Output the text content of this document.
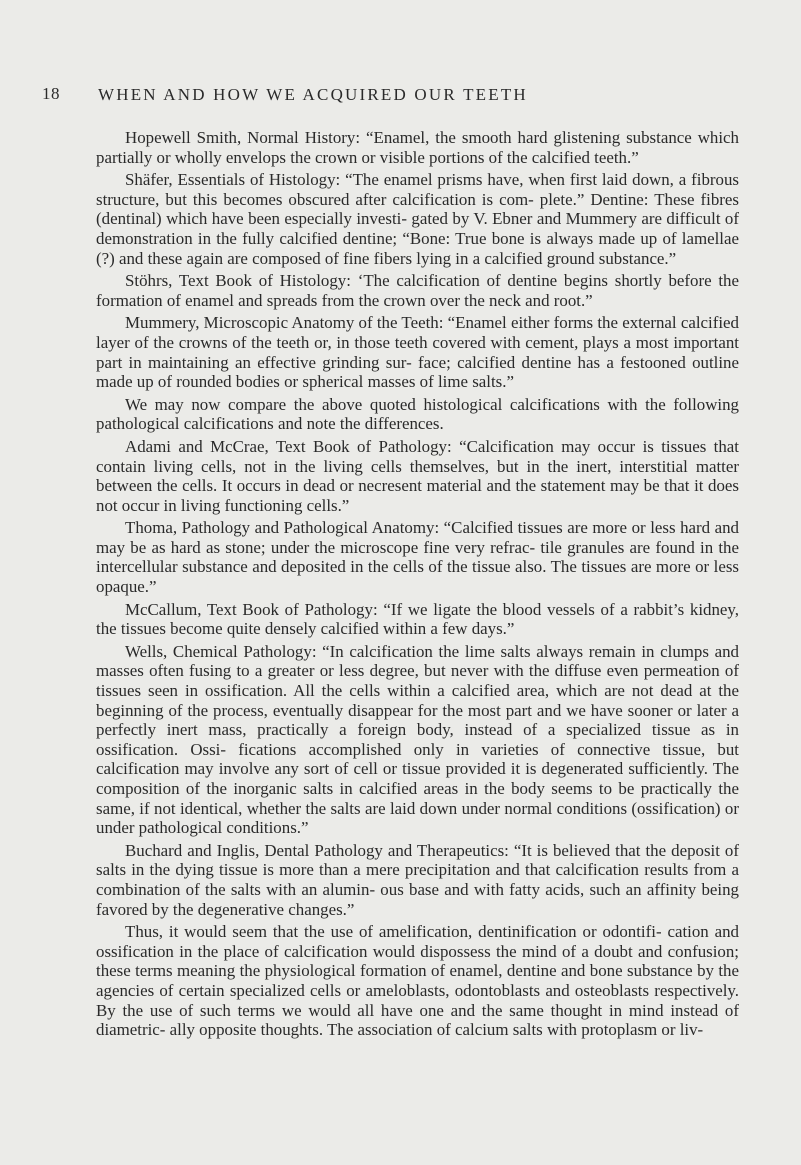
18 WHEN AND HOW WE ACQUIRED OUR TEETH

Hopewell Smith, Normal History: “Enamel, the smooth hard glistening substance which partially or wholly envelops the crown or visible portions of the calcified teeth.”

Shäfer, Essentials of Histology: “The enamel prisms have, when first laid down, a fibrous structure, but this becomes obscured after calcification is com- plete.” Dentine: These fibres (dentinal) which have been especially investi- gated by V. Ebner and Mummery are difficult of demonstration in the fully calcified dentine; “Bone: True bone is always made up of lamellae (?) and these again are composed of fine fibers lying in a calcified ground substance.”

Stöhrs, Text Book of Histology: ‘The calcification of dentine begins shortly before the formation of enamel and spreads from the crown over the neck and root.”

Mummery, Microscopic Anatomy of the Teeth: “Enamel either forms the external calcified layer of the crowns of the teeth or, in those teeth covered with cement, plays a most important part in maintaining an effective grinding sur- face; calcified dentine has a festooned outline made up of rounded bodies or spherical masses of lime salts.”

We may now compare the above quoted histological calcifications with the following pathological calcifications and note the differences.

Adami and McCrae, Text Book of Pathology: “Calcification may occur is tissues that contain living cells, not in the living cells themselves, but in the inert, interstitial matter between the cells. It occurs in dead or necresent material and the statement may be that it does not occur in living functioning cells.”

Thoma, Pathology and Pathological Anatomy: “Calcified tissues are more or less hard and may be as hard as stone; under the microscope fine very refrac- tile granules are found in the intercellular substance and deposited in the cells of the tissue also. The tissues are more or less opaque.”

McCallum, Text Book of Pathology: “If we ligate the blood vessels of a rabbit’s kidney, the tissues become quite densely calcified within a few days.”

Wells, Chemical Pathology: “In calcification the lime salts always remain in clumps and masses often fusing to a greater or less degree, but never with the diffuse even permeation of tissues seen in ossification. All the cells within a calcified area, which are not dead at the beginning of the process, eventually disappear for the most part and we have sooner or later a perfectly inert mass, practically a foreign body, instead of a specialized tissue as in ossification. Ossi- fications accomplished only in varieties of connective tissue, but calcification may involve any sort of cell or tissue provided it is degenerated sufficiently. The composition of the inorganic salts in calcified areas in the body seems to be practically the same, if not identical, whether the salts are laid down under normal conditions (ossification) or under pathological conditions.”

Buchard and Inglis, Dental Pathology and Therapeutics: “It is believed that the deposit of salts in the dying tissue is more than a mere precipitation and that calcification results from a combination of the salts with an alumin- ous base and with fatty acids, such an affinity being favored by the degenerative changes.”

Thus, it would seem that the use of amelification, dentinification or odontifi- cation and ossification in the place of calcification would dispossess the mind of a doubt and confusion; these terms meaning the physiological formation of enamel, dentine and bone substance by the agencies of certain specialized cells or ameloblasts, odontoblasts and osteoblasts respectively. By the use of such terms we would all have one and the same thought in mind instead of diametric- ally opposite thoughts. The association of calcium salts with protoplasm or liv-
